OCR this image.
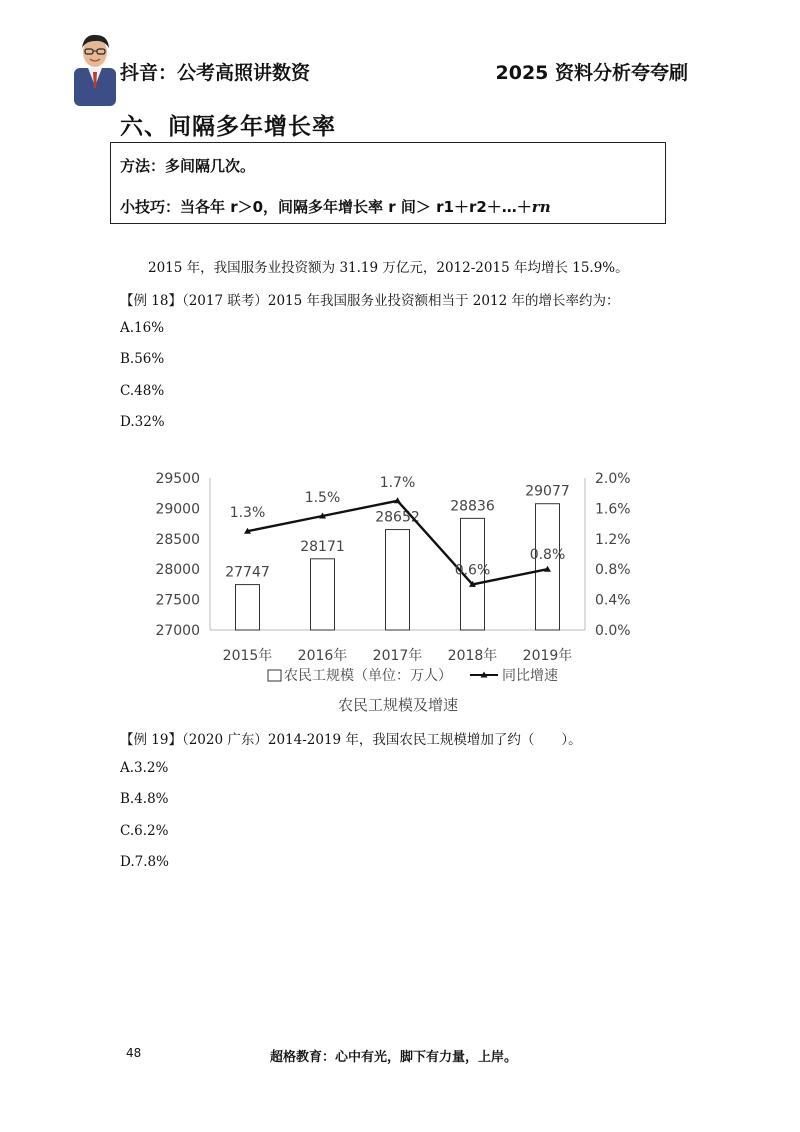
抖音：公考高照讲数资	2025 资料分析夸夸刷
六、间隔多年增长率
方法：多间隔几次。
小技巧：当各年 r＞0，间隔多年增长率 r 间＞ r1＋r2＋…＋rn
2015 年，我国服务业投资额为 31.19 万亿元，2012-2015 年均增长 15.9%。
【例 18】（2017 联考）2015 年我国服务业投资额相当于 2012 年的增长率约为：
A.16%
B.56%
C.48%
D.32%
29500
29000
28500
28000
27500
27000
2.0%
1.6%
1.2%
0.8%
0.4%
0.0%
27747
28171
28652
28836
29077
1.3%
1.5%
1.7%
0.6%
0.8%
2015年 2016年 2017年 2018年 2019年
农民工规模（单位：万人）	同比增速
农民工规模及增速
【例 19】（2020 广东）2014-2019 年，我国农民工规模增加了约（　　）。
A.3.2%
B.4.8%
C.6.2%
D.7.8%
48	超格教育：心中有光，脚下有力量，上岸。
